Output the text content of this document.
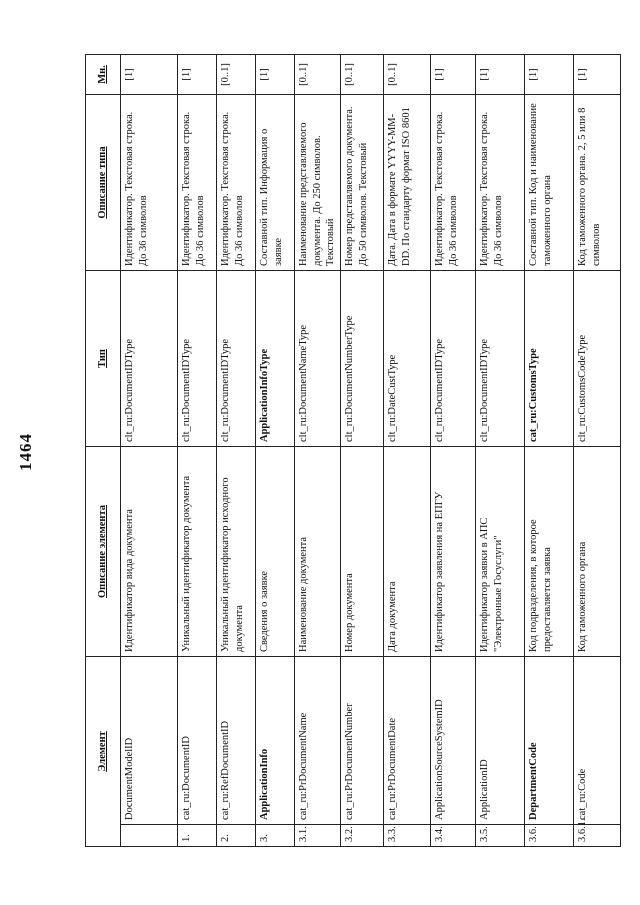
1464
Элемент		Описание элемента	Тип	Описание типа	Мн.
	DocumentModelID	Идентификатор вида документа	clt_ru:DocumentIDType	Идентификатор. Текстовая строка. До 36 символов	[1]
1.	cat_ru:DocumentID	Уникальный идентификатор документа	clt_ru:DocumentIDType	Идентификатор. Текстовая строка. До 36 символов	[1]
2.	cat_ru:RefDocumentID	Уникальный идентификатор исходного документа	clt_ru:DocumentIDType	Идентификатор. Текстовая строка. До 36 символов	[0..1]
3.	ApplicationInfo	Сведения о заявке	ApplicationInfoType	Составной тип. Информация о заявке	[1]
3.1.	cat_ru:PrDocumentName	Наименование документа	clt_ru:DocumentNameType	Наименование представляемого документа. До 250 символов. Текстовый	[0..1]
3.2.	cat_ru:PrDocumentNumber	Номер документа	clt_ru:DocumentNumberType	Номер представляемого документа. До 50 символов. Текстовый	[0..1]
3.3.	cat_ru:PrDocumentDate	Дата документа	clt_ru:DateCustType	Дата. Дата в формате YYYY-MM-DD. По стандарту формат ISO 8601	[0..1]
3.4.	ApplicationSourceSystemID	Идентификатор заявления на ЕПГУ	clt_ru:DocumentIDType	Идентификатор. Текстовая строка. До 36 символов	[1]
3.5.	ApplicationID	Идентификатор заявки в АПС "Электронные Госуслуги"	clt_ru:DocumentIDType	Идентификатор. Текстовая строка. До 36 символов	[1]
3.6.	DepartmentCode	Код подразделения, в которое предоставляется заявка	cat_ru:CustomsType	Составной тип. Код и наименование таможенного органа	[1]
3.6.1.	cat_ru:Code	Код таможенного органа	clt_ru:CustomsCodeType	Код таможенного органа. 2, 5 или 8 символов	[1]
